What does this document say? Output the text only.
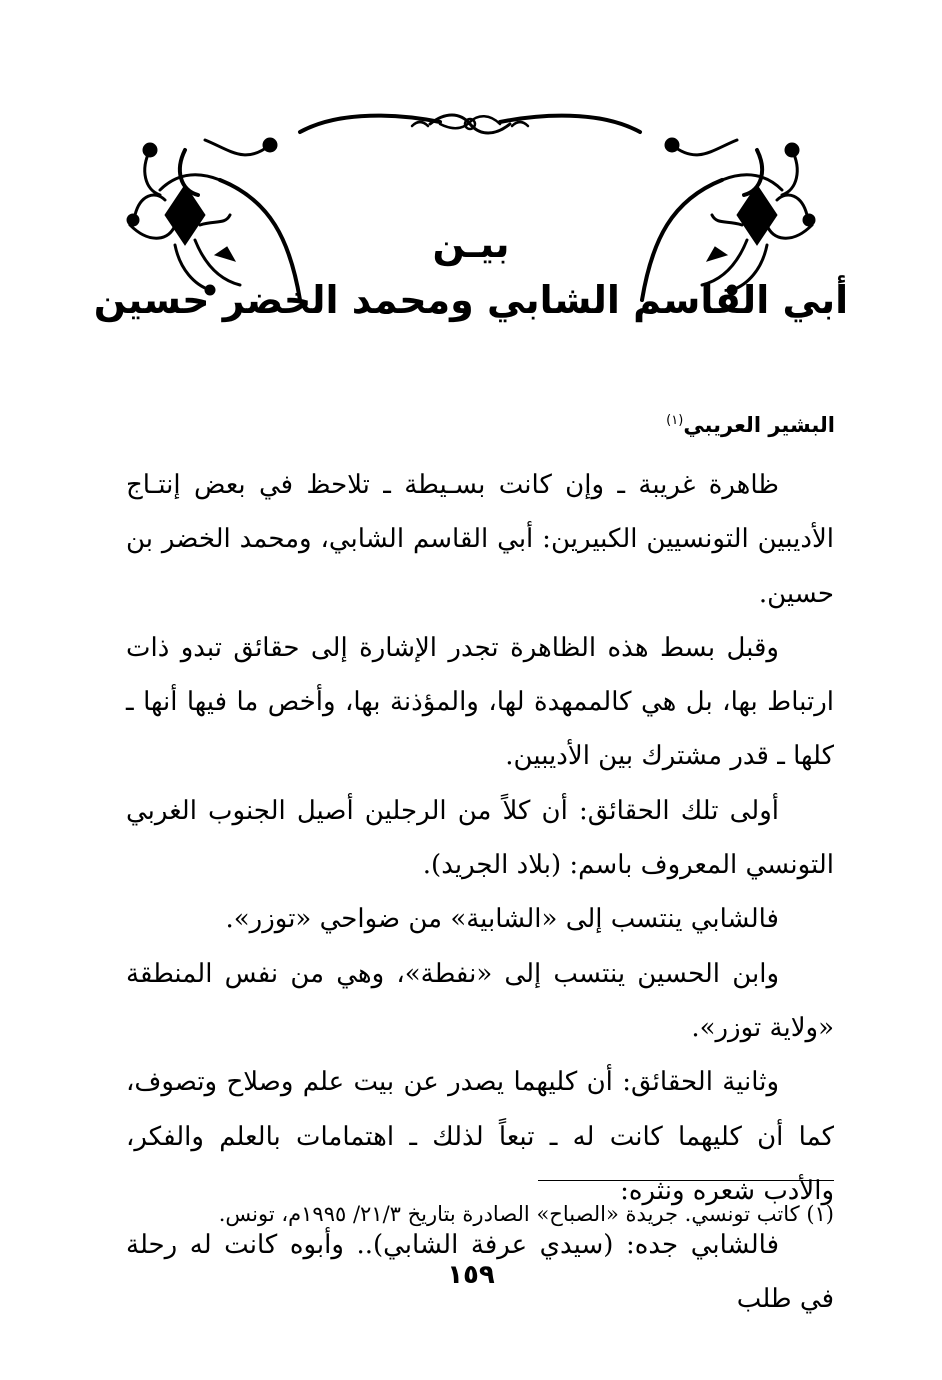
بيـن
أبي القاسم الشابي ومحمد الخضر حسين
البشير العريبي$^{(١)}$

ظاهرة غريبة ـ وإن كانت بسـيطة ـ تلاحظ في بعض إنتـاج الأديبين التونسيين الكبيرين: أبي القاسم الشابي، ومحمد الخضر بن حسين.

وقبل بسط هذه الظاهرة تجدر الإشارة إلى حقائق تبدو ذات ارتباط بها، بل هي كالممهدة لها، والمؤذنة بها، وأخص ما فيها أنها ـ كلها ـ قدر مشترك بين الأديبين.

أولى تلك الحقائق: أن كلاً من الرجلين أصيل الجنوب الغربي التونسي المعروف باسم: (بلاد الجريد).

فالشابي ينتسب إلى «الشابية» من ضواحي «توزر».

وابن الحسين ينتسب إلى «نفطة»، وهي من نفس المنطقة «ولاية توزر».

وثانية الحقائق: أن كليهما يصدر عن بيت علم وصلاح وتصوف، كما أن كليهما كانت له ـ تبعاً لذلك ـ اهتمامات بالعلم والفكر، والأدب شعره ونثره:

فالشابي جده: (سيدي عرفة الشابي).. وأبوه كانت له رحلة في طلب

(١) كاتب تونسي. جريدة «الصباح» الصادرة بتاريخ ٢١/٣/ ١٩٩٥م، تونس.
١٥٩
